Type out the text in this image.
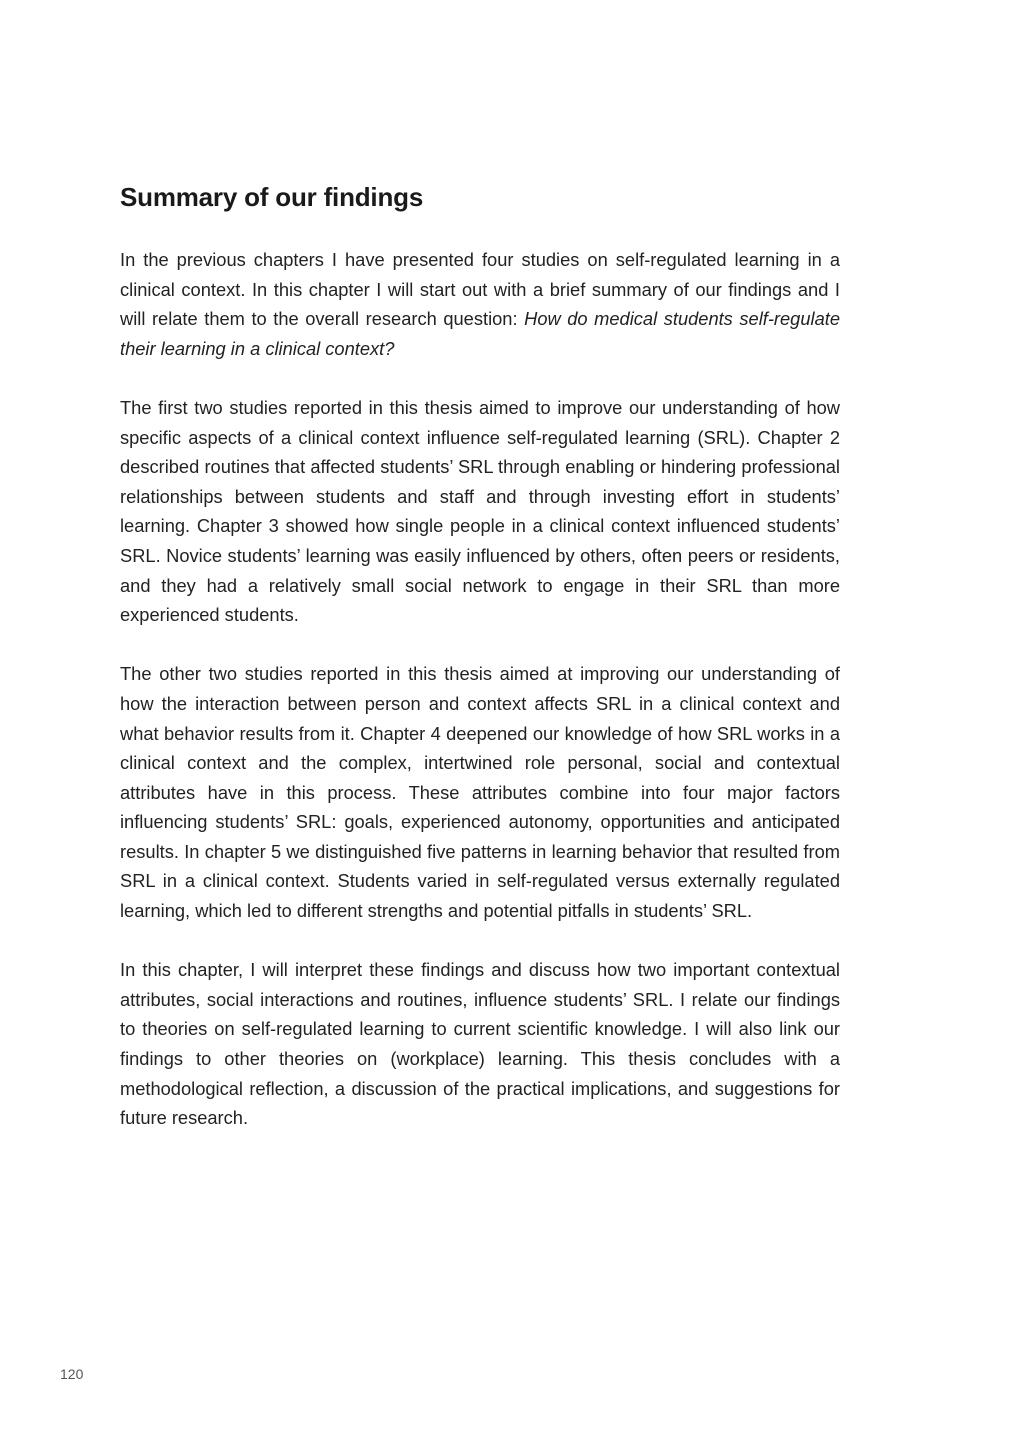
Summary of our findings

In the previous chapters I have presented four studies on self-regulated learning in a clinical context. In this chapter I will start out with a brief summary of our findings and I will relate them to the overall research question: How do medical students self-regulate their learning in a clinical context?

The first two studies reported in this thesis aimed to improve our understanding of how specific aspects of a clinical context influence self-regulated learning (SRL). Chapter 2 described routines that affected students’ SRL through enabling or hindering professional relationships between students and staff and through investing effort in students’ learning. Chapter 3 showed how single people in a clinical context influenced students’ SRL. Novice students’ learning was easily influenced by others, often peers or residents, and they had a relatively small social network to engage in their SRL than more experienced students.

The other two studies reported in this thesis aimed at improving our understanding of how the interaction between person and context affects SRL in a clinical context and what behavior results from it. Chapter 4 deepened our knowledge of how SRL works in a clinical context and the complex, intertwined role personal, social and contextual attributes have in this process. These attributes combine into four major factors influencing students’ SRL: goals, experienced autonomy, opportunities and anticipated results. In chapter 5 we distinguished five patterns in learning behavior that resulted from SRL in a clinical context. Students varied in self-regulated versus externally regulated learning, which led to different strengths and potential pitfalls in students’ SRL.

In this chapter, I will interpret these findings and discuss how two important contextual attributes, social interactions and routines, influence students’ SRL. I relate our findings to theories on self-regulated learning to current scientific knowledge. I will also link our findings to other theories on (workplace) learning. This thesis concludes with a methodological reflection, a discussion of the practical implications, and suggestions for future research.

120
